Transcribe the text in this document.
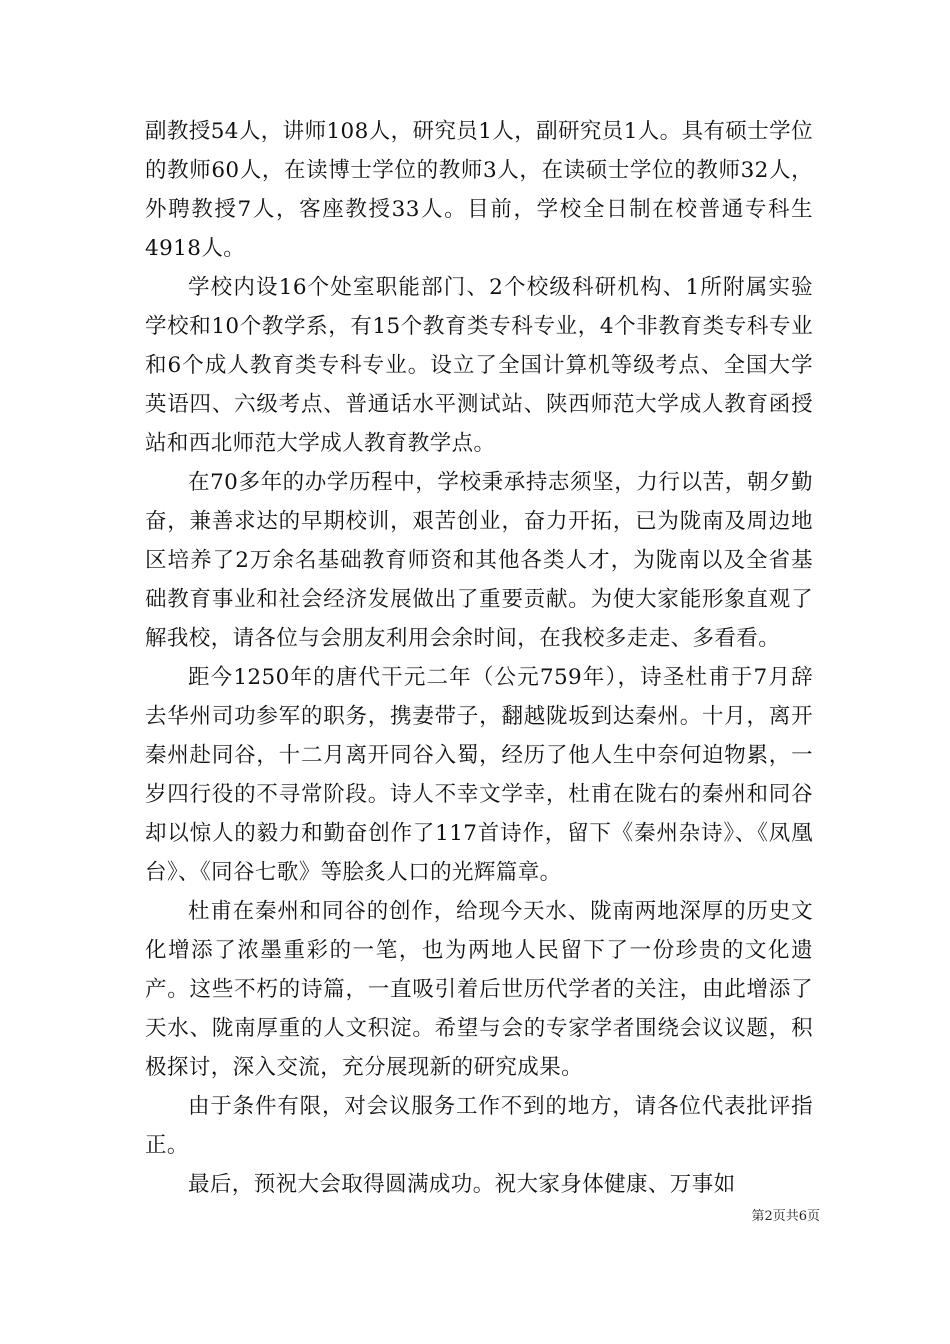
副教授54人，讲师108人，研究员1人，副研究员1人。具有硕士学位的教师60人，在读博士学位的教师3人，在读硕士学位的教师32人，外聘教授7人，客座教授33人。目前，学校全日制在校普通专科生4918人。

学校内设16个处室职能部门、2个校级科研机构、1所附属实验学校和10个教学系，有15个教育类专科专业，4个非教育类专科专业和6个成人教育类专科专业。设立了全国计算机等级考点、全国大学英语四、六级考点、普通话水平测试站、陕西师范大学成人教育函授站和西北师范大学成人教育教学点。

在70多年的办学历程中，学校秉承持志须坚，力行以苦，朝夕勤奋，兼善求达的早期校训，艰苦创业，奋力开拓，已为陇南及周边地区培养了2万余名基础教育师资和其他各类人才，为陇南以及全省基础教育事业和社会经济发展做出了重要贡献。为使大家能形象直观了解我校，请各位与会朋友利用会余时间，在我校多走走、多看看。

距今1250年的唐代干元二年（公元759年），诗圣杜甫于7月辞去华州司功参军的职务，携妻带子，翻越陇坂到达秦州。十月，离开秦州赴同谷，十二月离开同谷入蜀，经历了他人生中奈何迫物累，一岁四行役的不寻常阶段。诗人不幸文学幸，杜甫在陇右的秦州和同谷却以惊人的毅力和勤奋创作了117首诗作，留下《秦州杂诗》、《凤凰台》、《同谷七歌》等脍炙人口的光辉篇章。

杜甫在秦州和同谷的创作，给现今天水、陇南两地深厚的历史文化增添了浓墨重彩的一笔，也为两地人民留下了一份珍贵的文化遗产。这些不朽的诗篇，一直吸引着后世历代学者的关注，由此增添了天水、陇南厚重的人文积淀。希望与会的专家学者围绕会议议题，积极探讨，深入交流，充分展现新的研究成果。

由于条件有限，对会议服务工作不到的地方，请各位代表批评指正。

最后，预祝大会取得圆满成功。祝大家身体健康、万事如

第2页共6页
